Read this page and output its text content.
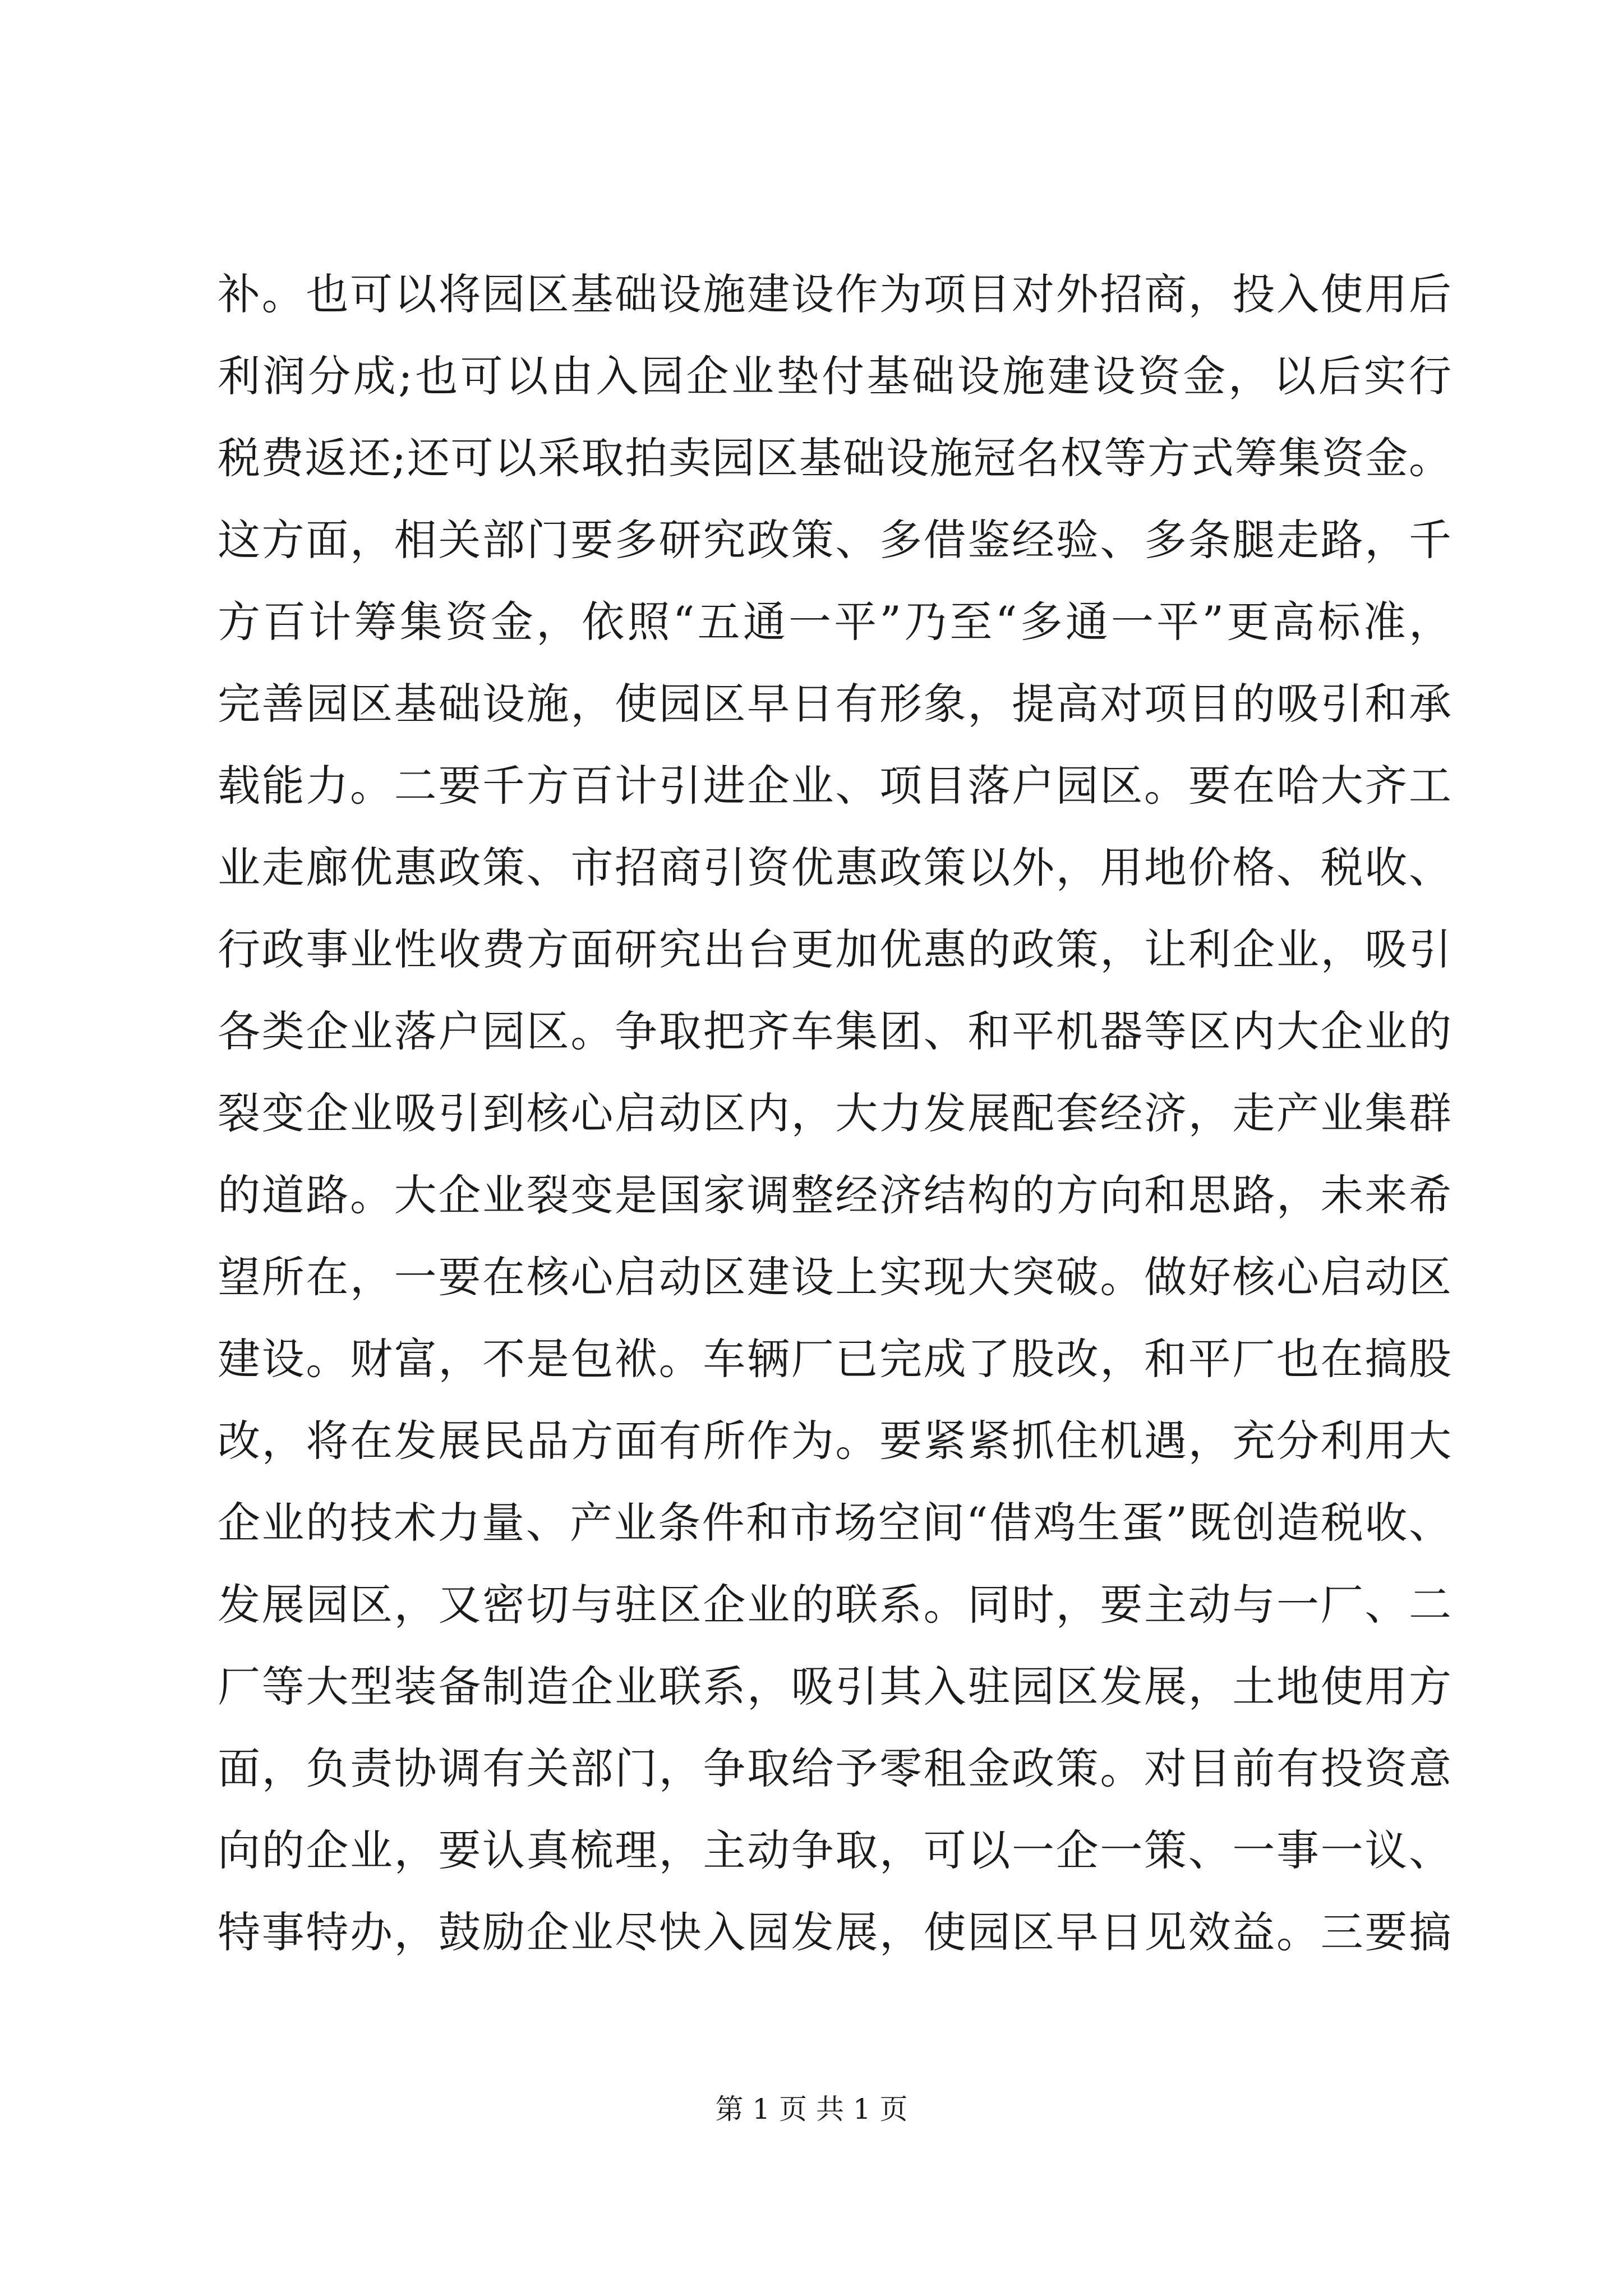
补。也可以将园区基础设施建设作为项目对外招商，投入使用后
利润分成;也可以由入园企业垫付基础设施建设资金，以后实行
税费返还;还可以采取拍卖园区基础设施冠名权等方式筹集资金。
这方面，相关部门要多研究政策、多借鉴经验、多条腿走路，千
方百计筹集资金，依照“五通一平”乃至“多通一平”更高标准，
完善园区基础设施，使园区早日有形象，提高对项目的吸引和承
载能力。二要千方百计引进企业、项目落户园区。要在哈大齐工
业走廊优惠政策、市招商引资优惠政策以外，用地价格、税收、
行政事业性收费方面研究出台更加优惠的政策，让利企业，吸引
各类企业落户园区。争取把齐车集团、和平机器等区内大企业的
裂变企业吸引到核心启动区内，大力发展配套经济，走产业集群
的道路。大企业裂变是国家调整经济结构的方向和思路，未来希
望所在，一要在核心启动区建设上实现大突破。做好核心启动区
建设。财富，不是包袱。车辆厂已完成了股改，和平厂也在搞股
改，将在发展民品方面有所作为。要紧紧抓住机遇，充分利用大
企业的技术力量、产业条件和市场空间“借鸡生蛋”既创造税收、
发展园区，又密切与驻区企业的联系。同时，要主动与一厂、二
厂等大型装备制造企业联系，吸引其入驻园区发展，土地使用方
面，负责协调有关部门，争取给予零租金政策。对目前有投资意
向的企业，要认真梳理，主动争取，可以一企一策、一事一议、
特事特办，鼓励企业尽快入园发展，使园区早日见效益。三要搞
第 1 页 共 1 页
